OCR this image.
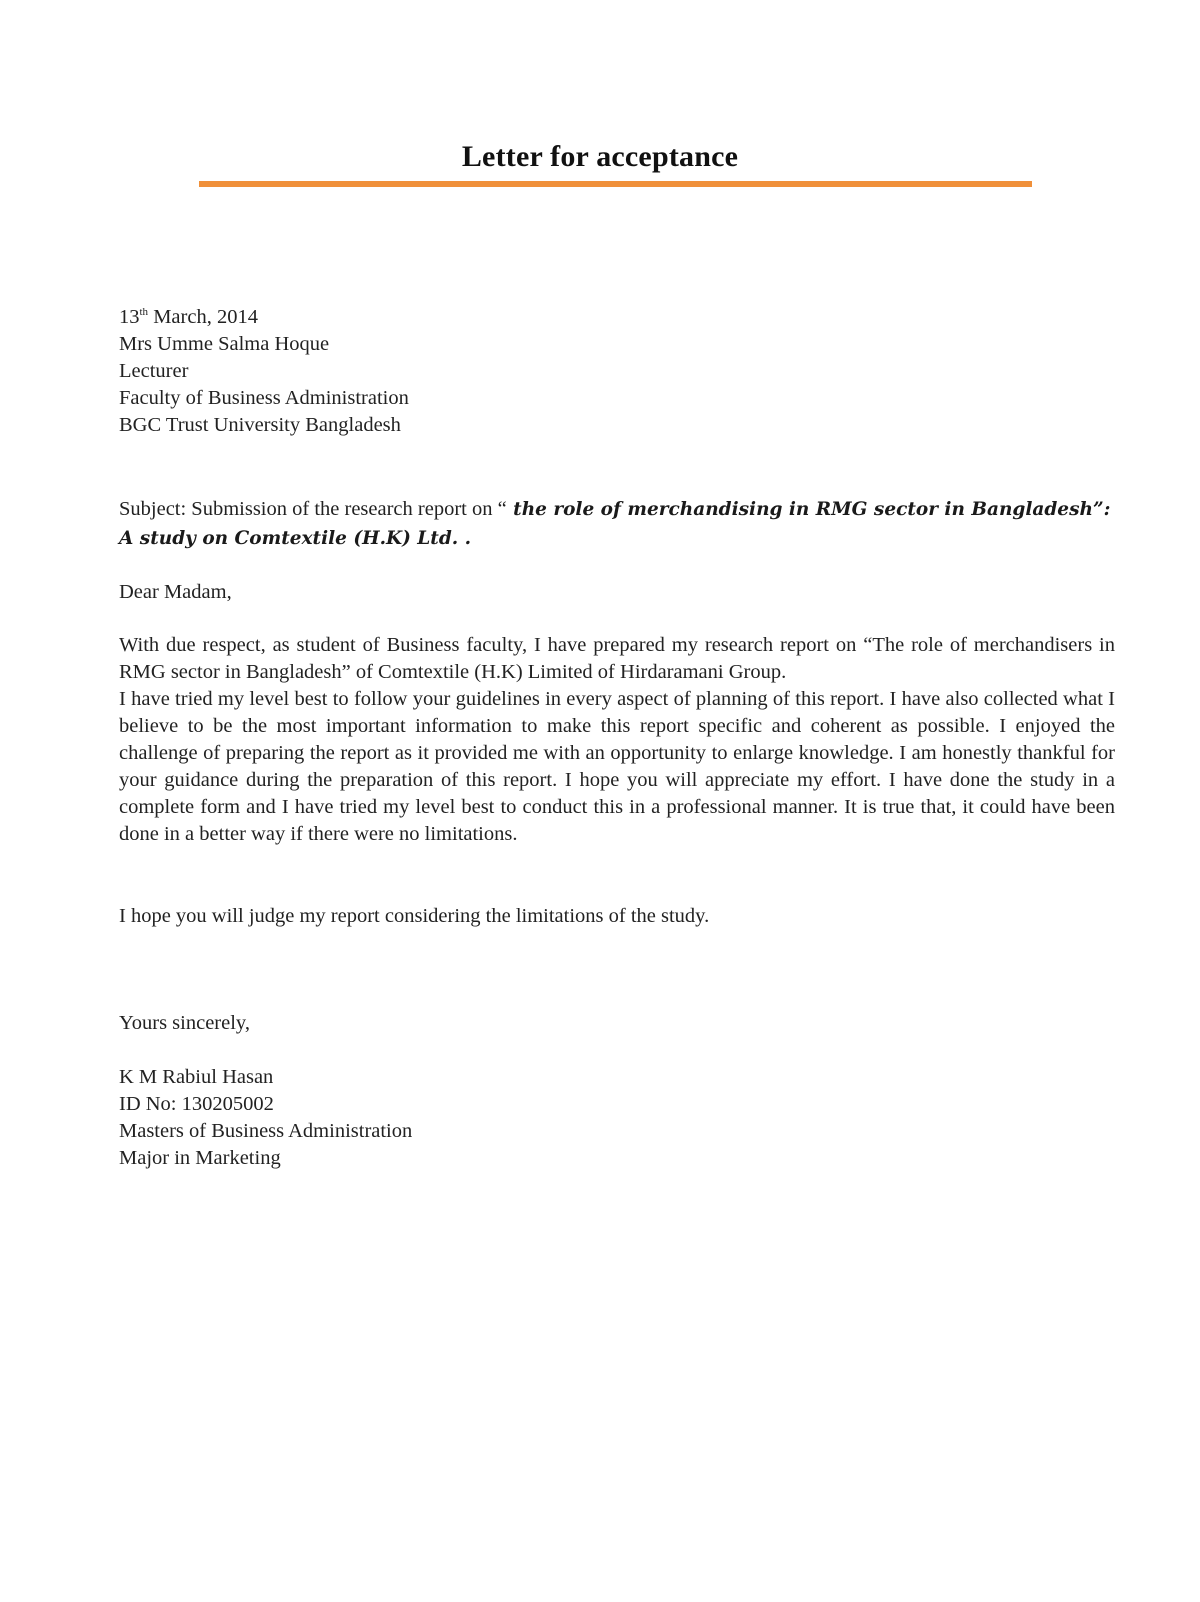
Letter for acceptance
13th March, 2014
Mrs Umme Salma Hoque
Lecturer
Faculty of Business Administration
BGC Trust University Bangladesh
Subject: Submission of the research report on “ the role of merchandising in RMG sector in Bangladesh”:
A study on Comtextile (H.K) Ltd. .
Dear Madam,

With due respect, as student of Business faculty, I have prepared my research report on “The role of merchandisers in RMG sector in Bangladesh” of Comtextile (H.K) Limited of Hirdaramani Group.

I have tried my level best to follow your guidelines in every aspect of planning of this report. I have also collected what I believe to be the most important information to make this report specific and coherent as possible. I enjoyed the challenge of preparing the report as it provided me with an opportunity to enlarge knowledge. I am honestly thankful for your guidance during the preparation of this report. I hope you will appreciate my effort. I have done the study in a complete form and I have tried my level best to conduct this in a professional manner. It is true that, it could have been done in a better way if there were no limitations.

I hope you will judge my report considering the limitations of the study.
Yours sincerely,
K M Rabiul Hasan
ID No: 130205002
Masters of Business Administration
Major in Marketing
